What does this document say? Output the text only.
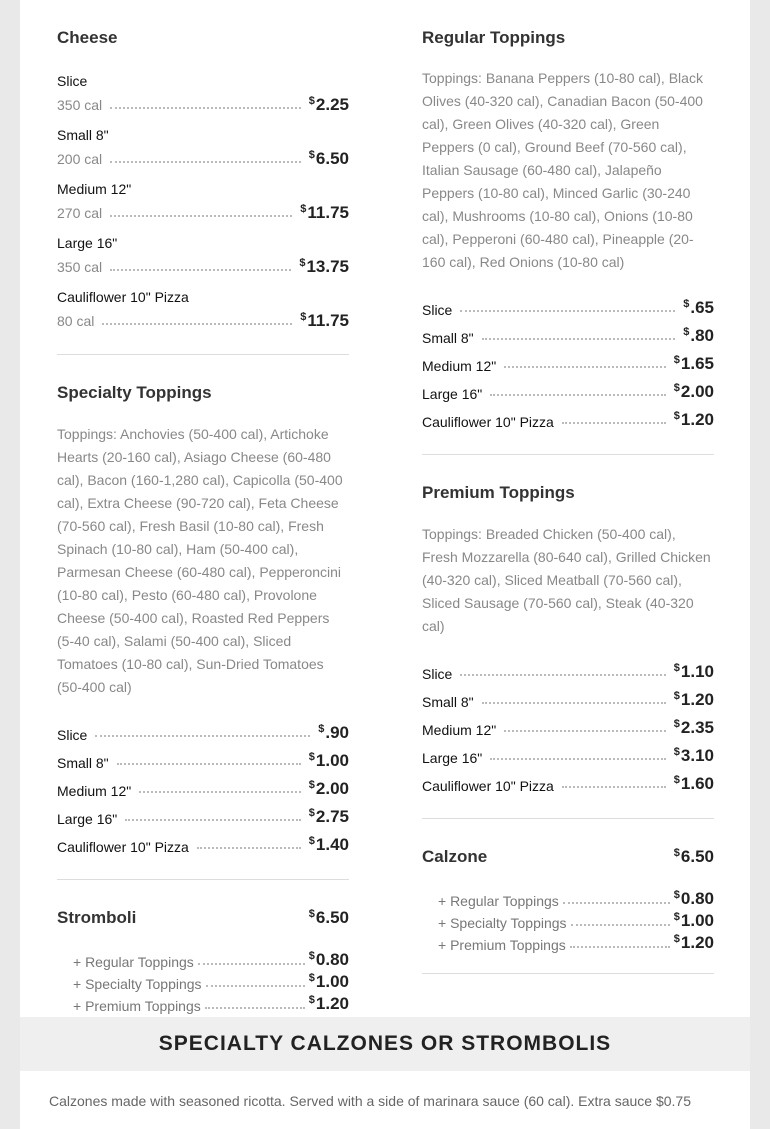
Cheese
Slice
350 cal	$2.25
Small 8"
200 cal	$6.50
Medium 12"
270 cal	$11.75
Large 16"
350 cal	$13.75
Cauliflower 10" Pizza
80 cal	$11.75
Specialty Toppings
Toppings: Anchovies (50-400 cal), Artichoke Hearts (20-160 cal), Asiago Cheese (60-480 cal), Bacon (160-1,280 cal), Capicolla (50-400 cal), Extra Cheese (90-720 cal), Feta Cheese (70-560 cal), Fresh Basil (10-80 cal), Fresh Spinach (10-80 cal), Ham (50-400 cal), Parmesan Cheese (60-480 cal), Pepperoncini (10-80 cal), Pesto (60-480 cal), Provolone Cheese (50-400 cal), Roasted Red Peppers (5-40 cal), Salami (50-400 cal), Sliced Tomatoes (10-80 cal), Sun-Dried Tomatoes (50-400 cal)
Slice	$.90
Small 8"	$1.00
Medium 12"	$2.00
Large 16"	$2.75
Cauliflower 10" Pizza	$1.40
Stromboli	$6.50
+ Regular Toppings	$0.80
+ Specialty Toppings	$1.00
+ Premium Toppings	$1.20
Regular Toppings
Toppings: Banana Peppers (10-80 cal), Black Olives (40-320 cal), Canadian Bacon (50-400 cal), Green Olives (40-320 cal), Green Peppers (0 cal), Ground Beef (70-560 cal), Italian Sausage (60-480 cal), Jalapeño Peppers (10-80 cal), Minced Garlic (30-240 cal), Mushrooms (10-80 cal), Onions (10-80 cal), Pepperoni (60-480 cal), Pineapple (20-160 cal), Red Onions (10-80 cal)
Slice	$.65
Small 8"	$.80
Medium 12"	$1.65
Large 16"	$2.00
Cauliflower 10" Pizza	$1.20
Premium Toppings
Toppings: Breaded Chicken (50-400 cal), Fresh Mozzarella (80-640 cal), Grilled Chicken (40-320 cal), Sliced Meatball (70-560 cal), Sliced Sausage (70-560 cal), Steak (40-320 cal)
Slice	$1.10
Small 8"	$1.20
Medium 12"	$2.35
Large 16"	$3.10
Cauliflower 10" Pizza	$1.60
Calzone	$6.50
+ Regular Toppings	$0.80
+ Specialty Toppings	$1.00
+ Premium Toppings	$1.20
SPECIALTY CALZONES OR STROMBOLIS
Calzones made with seasoned ricotta. Served with a side of marinara sauce (60 cal). Extra sauce $0.75
